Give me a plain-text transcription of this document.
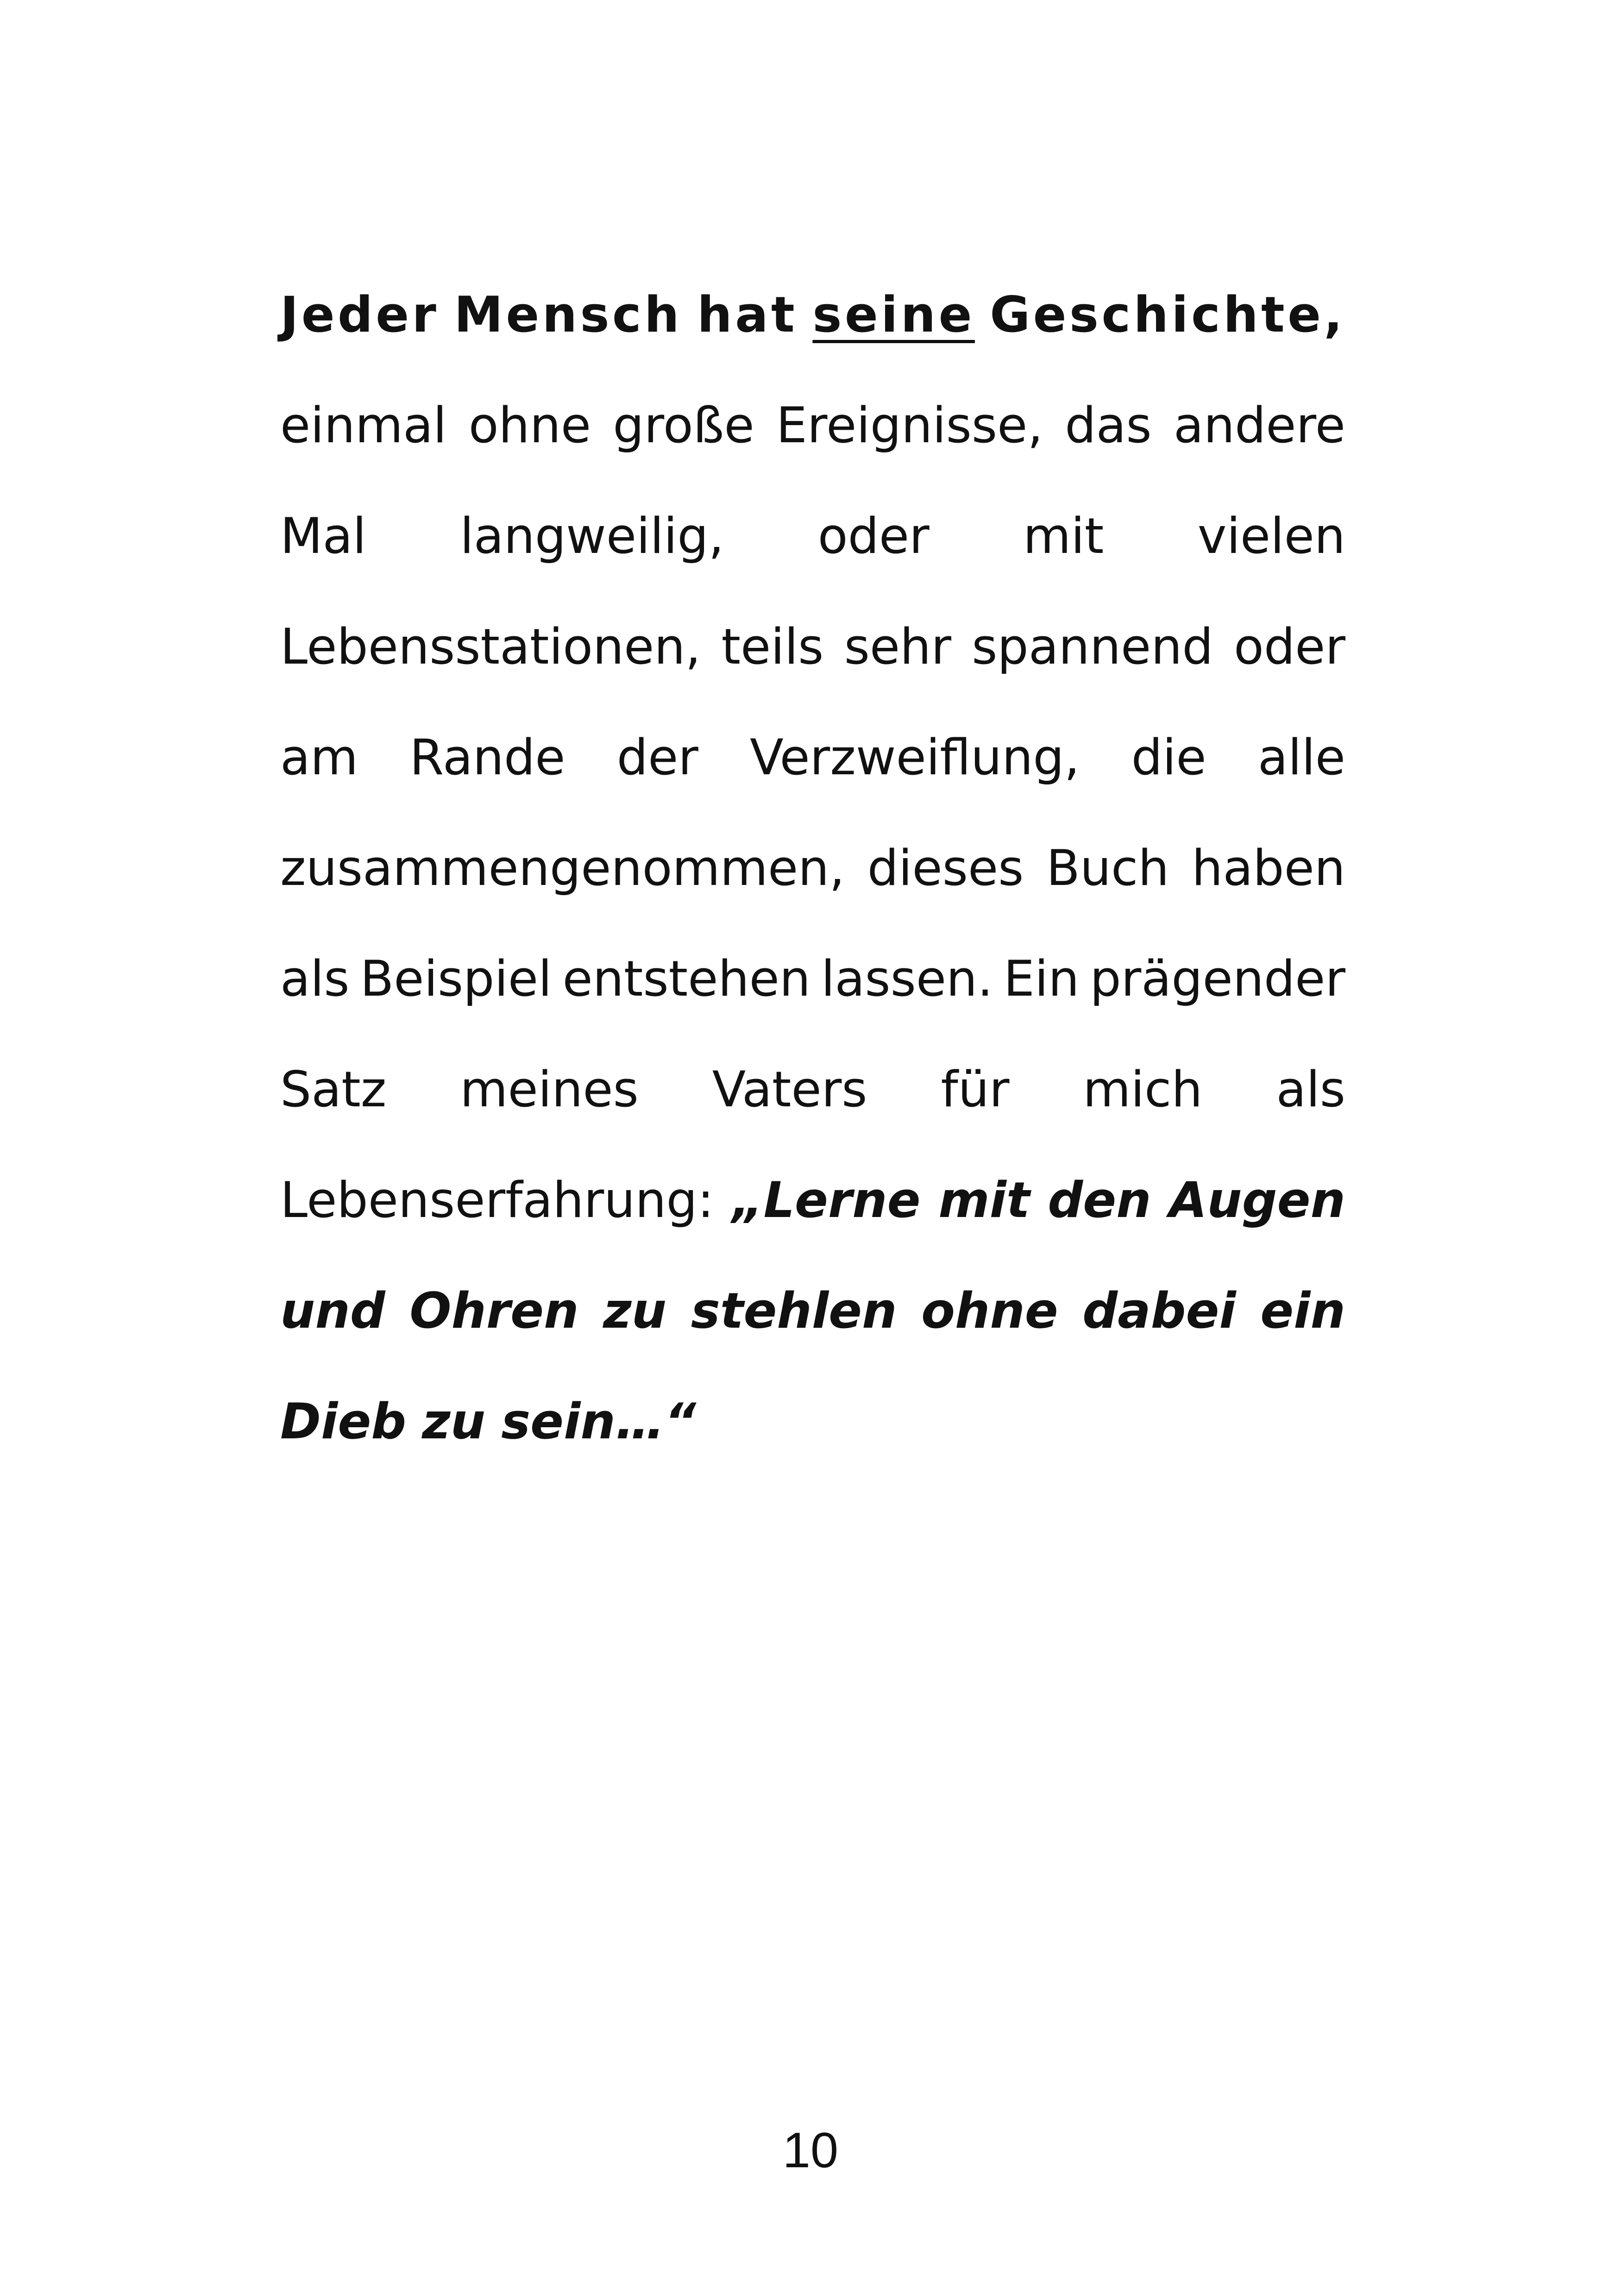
Jeder Mensch hat seine Geschichte,
einmal ohne große Ereignisse, das andere
Mal langweilig, oder mit vielen
Lebensstationen, teils sehr spannend oder
am Rande der Verzweiflung, die alle
zusammengenommen, dieses Buch haben
als Beispiel entstehen lassen. Ein prägender
Satz meines Vaters für mich als
Lebenserfahrung: „Lerne mit den Augen
und Ohren zu stehlen ohne dabei ein
Dieb zu sein…“
10
